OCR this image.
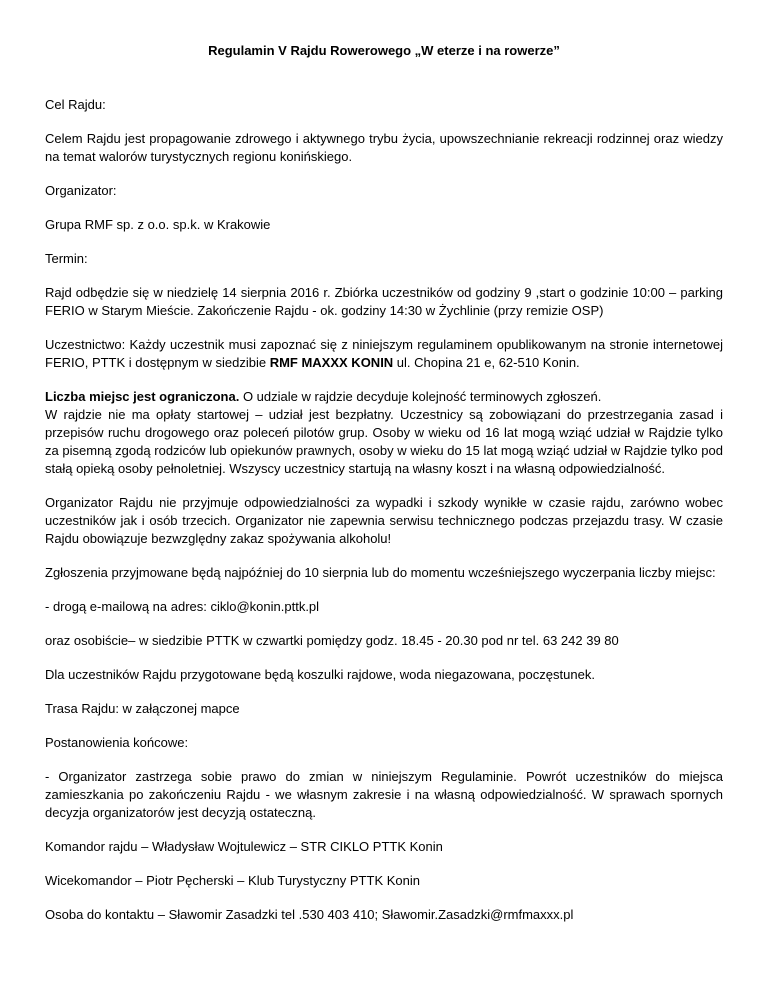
Regulamin V Rajdu Rowerowego „W eterze i na rowerze”

Cel Rajdu:

Celem Rajdu jest propagowanie zdrowego i aktywnego trybu życia, upowszechnianie rekreacji rodzinnej oraz wiedzy na temat walorów turystycznych regionu konińskiego.

Organizator:

Grupa RMF sp. z o.o. sp.k. w Krakowie

Termin:

Rajd odbędzie się w niedzielę 14 sierpnia 2016 r. Zbiórka uczestników od godziny 9 ,start o godzinie 10:00 – parking FERIO w Starym Mieście. Zakończenie Rajdu - ok. godziny 14:30 w Żychlinie (przy remizie OSP)

Uczestnictwo: Każdy uczestnik musi zapoznać się z niniejszym regulaminem opublikowanym na stronie internetowej FERIO, PTTK i dostępnym w siedzibie RMF MAXXX KONIN ul. Chopina 21 e, 62-510 Konin.

Liczba miejsc jest ograniczona. O udziale w rajdzie decyduje kolejność terminowych zgłoszeń.

W rajdzie nie ma opłaty startowej – udział jest bezpłatny. Uczestnicy są zobowiązani do przestrzegania zasad i przepisów ruchu drogowego oraz poleceń pilotów grup. Osoby w wieku od 16 lat mogą wziąć udział w Rajdzie tylko za pisemną zgodą rodziców lub opiekunów prawnych, osoby w wieku do 15 lat mogą wziąć udział w Rajdzie tylko pod stałą opieką osoby pełnoletniej. Wszyscy uczestnicy startują na własny koszt i na własną odpowiedzialność.

Organizator Rajdu nie przyjmuje odpowiedzialności za wypadki i szkody wynikłe w czasie rajdu, zarówno wobec uczestników jak i osób trzecich. Organizator nie zapewnia serwisu technicznego podczas przejazdu trasy. W czasie Rajdu obowiązuje bezwzględny zakaz spożywania alkoholu!

Zgłoszenia przyjmowane będą najpóźniej do 10 sierpnia lub do momentu wcześniejszego wyczerpania liczby miejsc:

- drogą e-mailową na adres: ciklo@konin.pttk.pl

oraz osobiście– w siedzibie PTTK w czwartki pomiędzy godz. 18.45 - 20.30 pod nr tel. 63 242 39 80

Dla uczestników Rajdu przygotowane będą koszulki rajdowe, woda niegazowana, poczęstunek.

Trasa Rajdu: w załączonej mapce

Postanowienia końcowe:

- Organizator zastrzega sobie prawo do zmian w niniejszym Regulaminie. Powrót uczestników do miejsca zamieszkania po zakończeniu Rajdu - we własnym zakresie i na własną odpowiedzialność. W sprawach spornych decyzja organizatorów jest decyzją ostateczną.

Komandor rajdu – Władysław Wojtulewicz – STR CIKLO PTTK Konin

Wicekomandor – Piotr Pęcherski – Klub Turystyczny PTTK Konin

Osoba do kontaktu – Sławomir Zasadzki tel .530 403 410; Sławomir.Zasadzki@rmfmaxxx.pl
